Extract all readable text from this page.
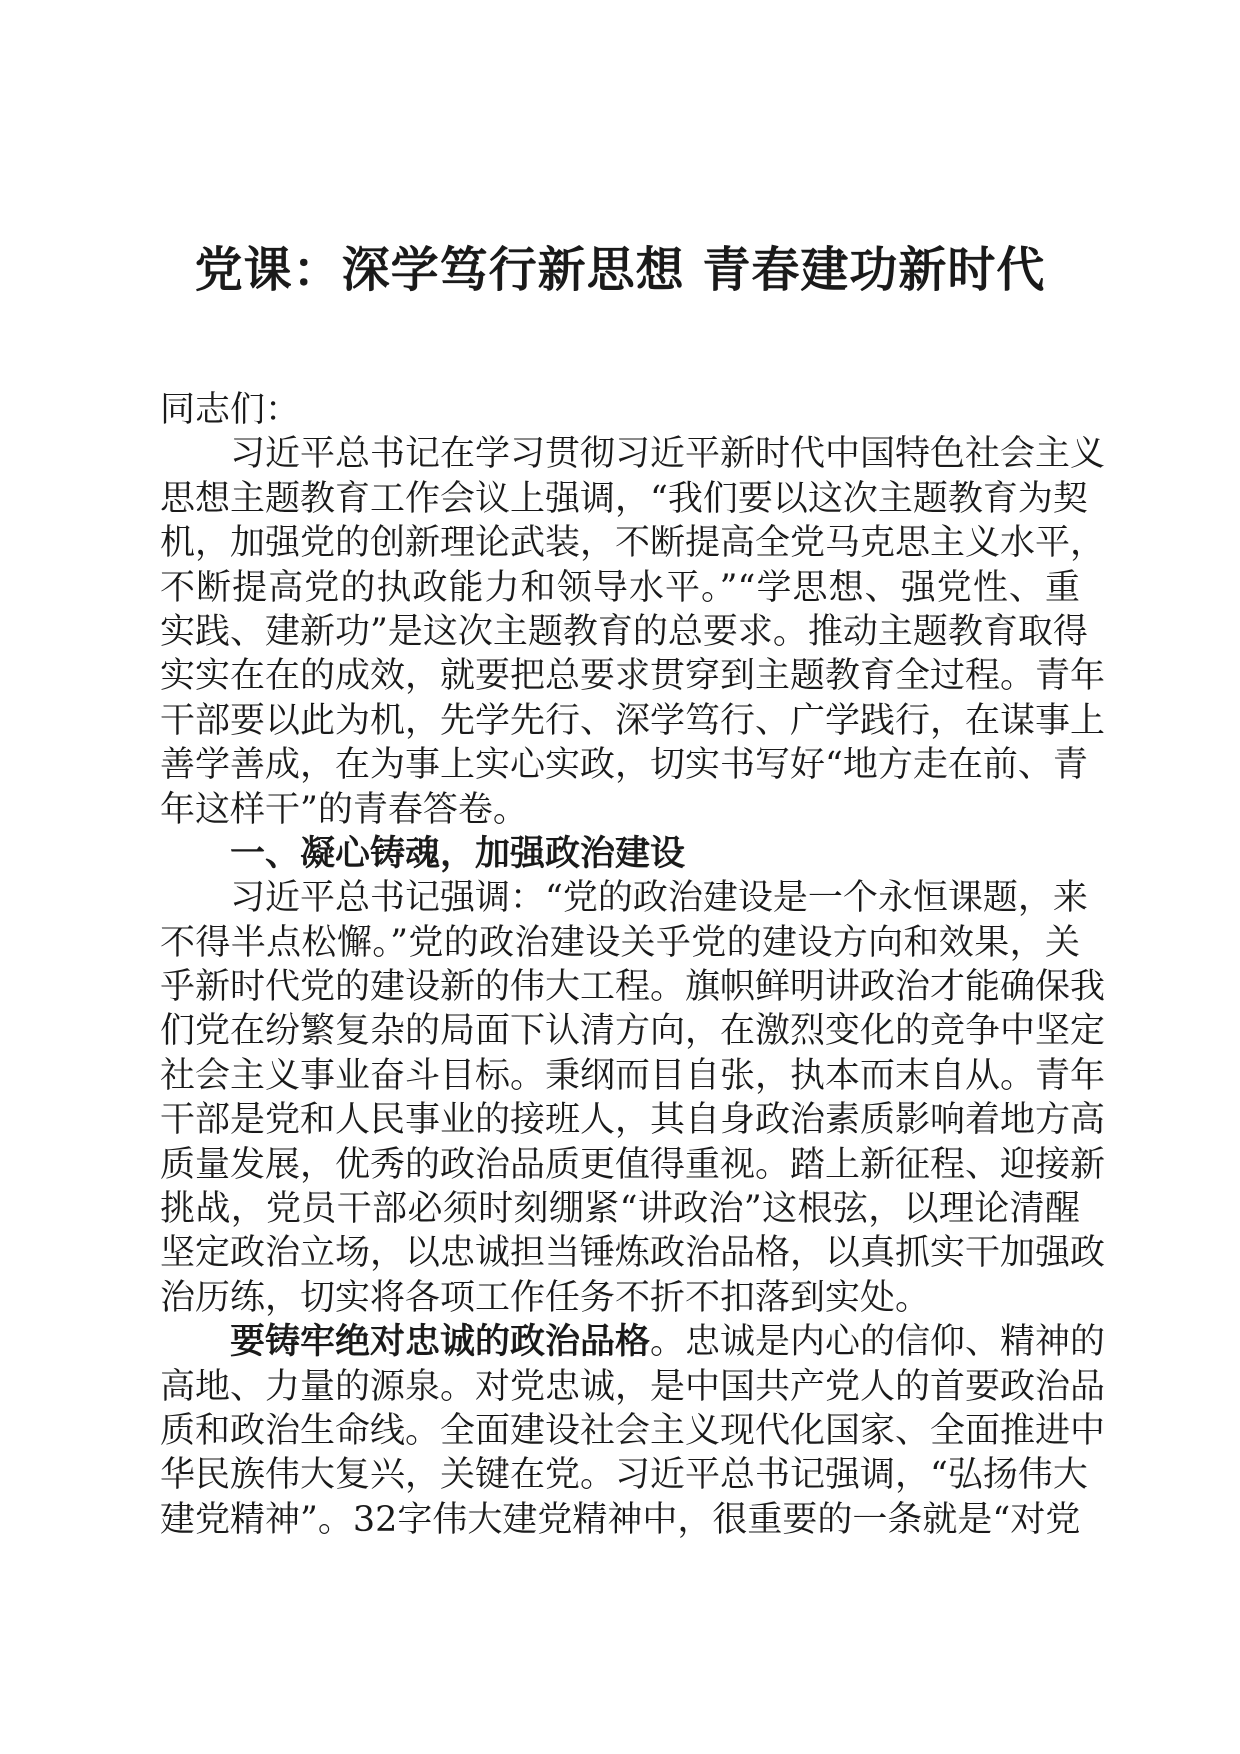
党课：深学笃行新思想 青春建功新时代
同志们：
习近平总书记在学习贯彻习近平新时代中国特色社会主义
思想主题教育工作会议上强调，“我们要以这次主题教育为契
机，加强党的创新理论武装，不断提高全党马克思主义水平，
不断提高党的执政能力和领导水平。”“学思想、强党性、重
实践、建新功”是这次主题教育的总要求。推动主题教育取得
实实在在的成效，就要把总要求贯穿到主题教育全过程。青年
干部要以此为机，先学先行、深学笃行、广学践行，在谋事上
善学善成，在为事上实心实政，切实书写好“地方走在前、青
年这样干”的青春答卷。
一、凝心铸魂，加强政治建设
习近平总书记强调：“党的政治建设是一个永恒课题，来
不得半点松懈。”党的政治建设关乎党的建设方向和效果，关
乎新时代党的建设新的伟大工程。旗帜鲜明讲政治才能确保我
们党在纷繁复杂的局面下认清方向，在激烈变化的竞争中坚定
社会主义事业奋斗目标。秉纲而目自张，执本而末自从。青年
干部是党和人民事业的接班人，其自身政治素质影响着地方高
质量发展，优秀的政治品质更值得重视。踏上新征程、迎接新
挑战，党员干部必须时刻绷紧“讲政治”这根弦，以理论清醒
坚定政治立场，以忠诚担当锤炼政治品格，以真抓实干加强政
治历练，切实将各项工作任务不折不扣落到实处。
要铸牢绝对忠诚的政治品格。忠诚是内心的信仰、精神的
高地、力量的源泉。对党忠诚，是中国共产党人的首要政治品
质和政治生命线。全面建设社会主义现代化国家、全面推进中
华民族伟大复兴，关键在党。习近平总书记强调，“弘扬伟大
建党精神”。32字伟大建党精神中，很重要的一条就是“对党
